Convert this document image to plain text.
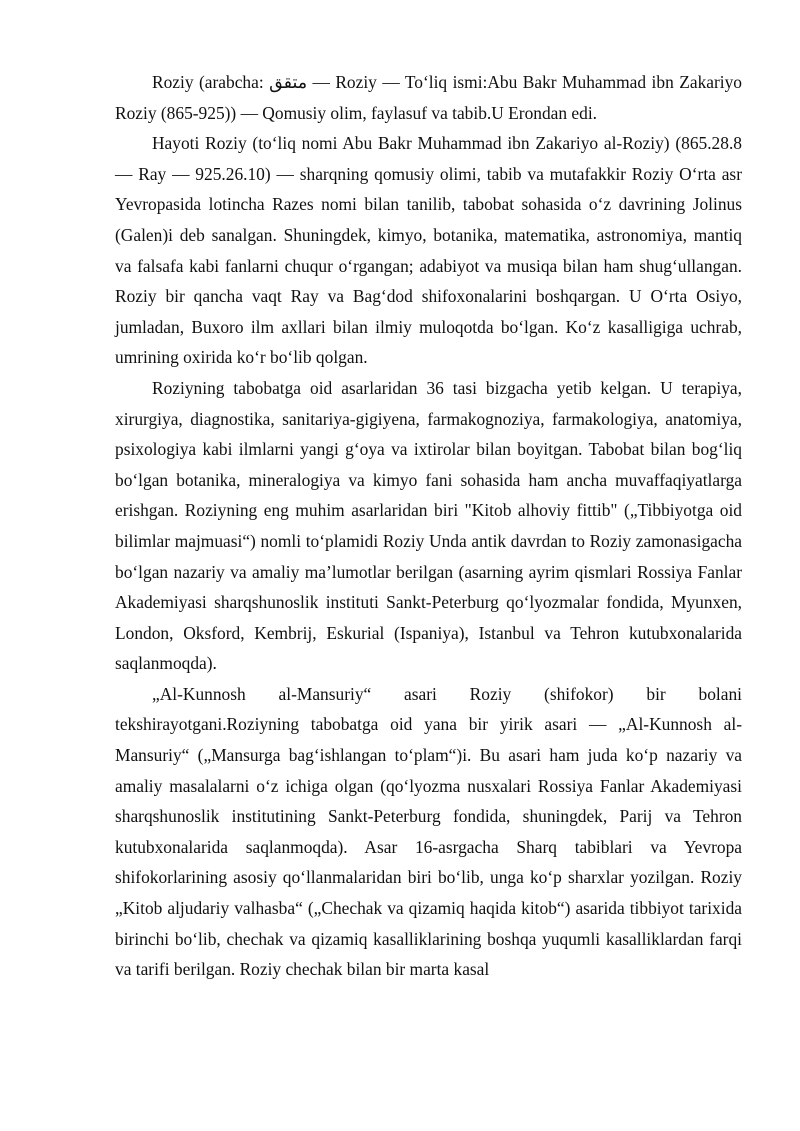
Roziy (arabcha: متقق — Roziy — To‘liq ismi:Abu Bakr Muhammad ibn Zakariyo Roziy (865-925)) — Qomusiy olim, faylasuf va tabib.U Erondan edi.

Hayoti Roziy (to‘liq nomi Abu Bakr Muhammad ibn Zakariyo al-Roziy) (865.28.8 — Ray — 925.26.10) — sharqning qomusiy olimi, tabib va mutafakkir Roziy O‘rta asr Yevropasida lotincha Razes nomi bilan tanilib, tabobat sohasida o‘z davrining Jolinus (Galen)i deb sanalgan. Shuningdek, kimyo, botanika, matematika, astronomiya, mantiq va falsafa kabi fanlarni chuqur o‘rgangan; adabiyot va musiqa bilan ham shug‘ullangan. Roziy bir qancha vaqt Ray va Bag‘dod shifoxonalarini boshqargan. U O‘rta Osiyo, jumladan, Buxoro ilm axllari bilan ilmiy muloqotda bo‘lgan. Ko‘z kasalligiga uchrab, umrining oxirida ko‘r bo‘lib qolgan.

Roziyning tabobatga oid asarlaridan 36 tasi bizgacha yetib kelgan. U terapiya, xirurgiya, diagnostika, sanitariya-gigiyena, farmakognoziya, farmakologiya, anatomiya, psixologiya kabi ilmlarni yangi g‘oya va ixtirolar bilan boyitgan. Tabobat bilan bog‘liq bo‘lgan botanika, mineralogiya va kimyo fani sohasida ham ancha muvaffaqiyatlarga erishgan. Roziyning eng muhim asarlaridan biri "Kitob alhoviy fittib" („Tibbiyotga oid bilimlar majmuasi“) nomli to‘plamidi Roziy Unda antik davrdan to Roziy zamonasigacha bo‘lgan nazariy va amaliy ma’lumotlar berilgan (asarning ayrim qismlari Rossiya Fanlar Akademiyasi sharqshunoslik instituti Sankt-Peterburg qo‘lyozmalar fondida, Myunxen, London, Oksford, Kembrij, Eskurial (Ispaniya), Istanbul va Tehron kutubxonalarida saqlanmoqda).

„Al-Kunnosh al-Mansuriy“ asari Roziy (shifokor) bir bolani tekshirayotgani.Roziyning tabobatga oid yana bir yirik asari — „Al-Kunnosh al-Mansuriy“ („Mansurga bag‘ishlangan to‘plam“)i. Bu asari ham juda ko‘p nazariy va amaliy masalalarni o‘z ichiga olgan (qo‘lyozma nusxalari Rossiya Fanlar Akademiyasi sharqshunoslik institutining Sankt-Peterburg fondida, shuningdek, Parij va Tehron kutubxonalarida saqlanmoqda). Asar 16-asrgacha Sharq tabiblari va Yevropa shifokorlarining asosiy qo‘llanmalaridan biri bo‘lib, unga ko‘p sharxlar yozilgan. Roziy „Kitob aljudariy valhasba“ („Chechak va qizamiq haqida kitob“) asarida tibbiyot tarixida birinchi bo‘lib, chechak va qizamiq kasalliklarining boshqa yuqumli kasalliklardan farqi va tarifi berilgan. Roziy chechak bilan bir marta kasal
